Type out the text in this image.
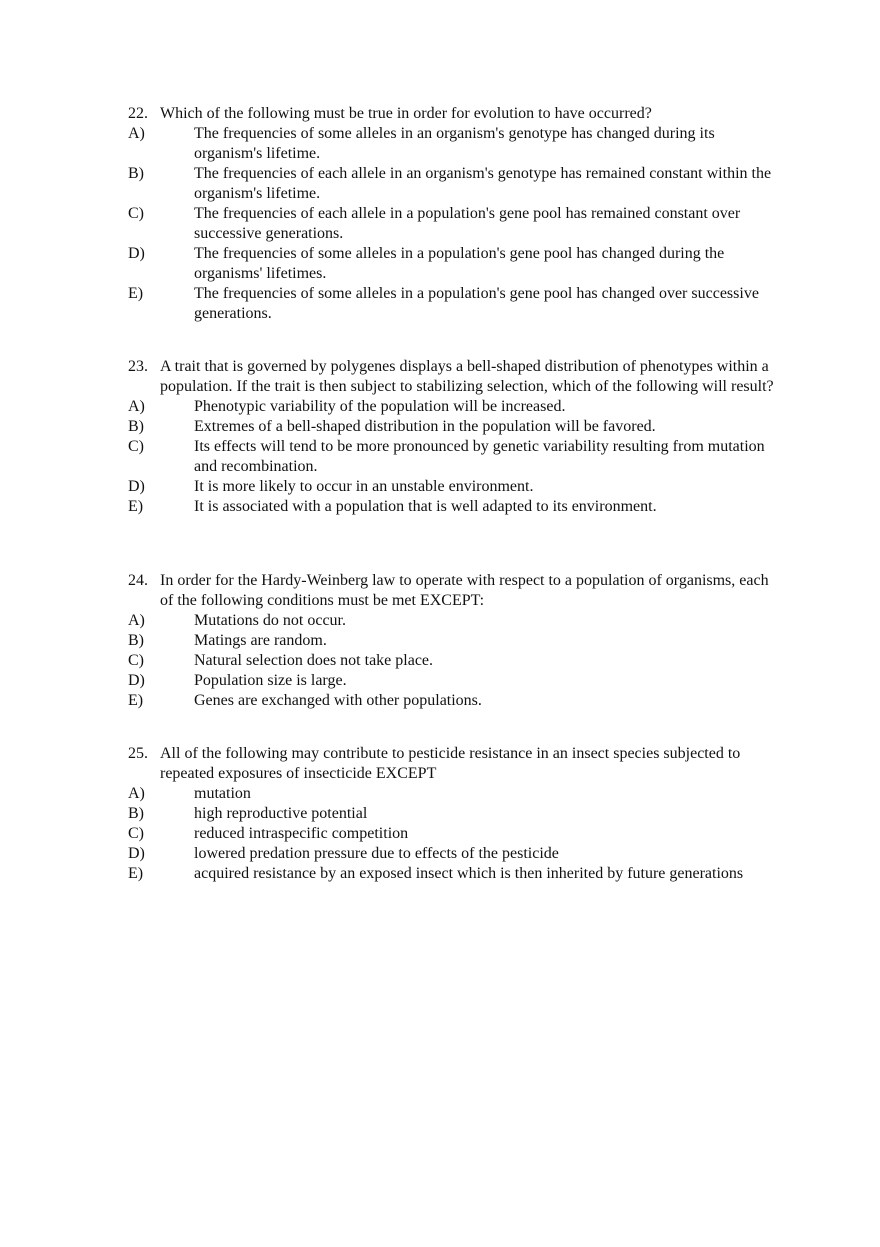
22. Which of the following must be true in order for evolution to have occurred?
A)	The frequencies of some alleles in an organism's genotype has changed during its organism's lifetime.
B)	The frequencies of each allele in an organism's genotype has remained constant within the organism's lifetime.
C)	The frequencies of each allele in a population's gene pool has remained constant over successive generations.
D)	The frequencies of some alleles in a population's gene pool has changed during the organisms' lifetimes.
E)	The frequencies of some alleles in a population's gene pool has changed over successive generations.
23. A trait that is governed by polygenes displays a bell-shaped distribution of phenotypes within a population. If the trait is then subject to stabilizing selection, which of the following will result?
A)	Phenotypic variability of the population will be increased.
B)	Extremes of a bell-shaped distribution in the population will be favored.
C)	Its effects will tend to be more pronounced by genetic variability resulting from mutation and recombination.
D)	It is more likely to occur in an unstable environment.
E)	It is associated with a population that is well adapted to its environment.
24. In order for the Hardy-Weinberg law to operate with respect to a population of organisms, each of the following conditions must be met EXCEPT:
A)	Mutations do not occur.
B)	Matings are random.
C)	Natural selection does not take place.
D)	Population size is large.
E)	Genes are exchanged with other populations.
25. All of the following may contribute to pesticide resistance in an insect species subjected to repeated exposures of insecticide EXCEPT
A)	mutation
B)	high reproductive potential
C)	reduced intraspecific competition
D)	lowered predation pressure due to effects of the pesticide
E)	acquired resistance by an exposed insect which is then inherited by future generations
